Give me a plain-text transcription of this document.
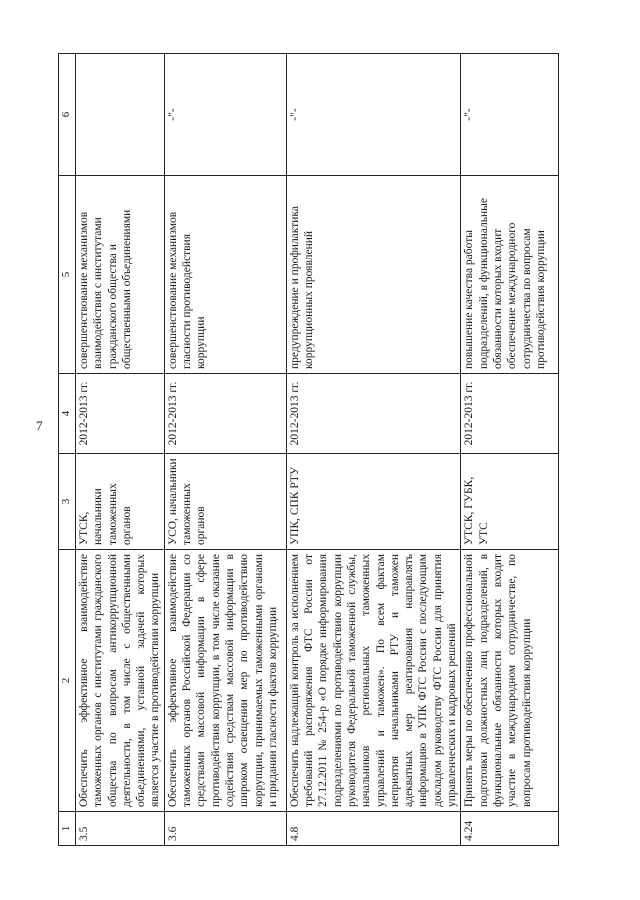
7
1	2	3	4	5	6
3.5	Обеспечить эффективное взаимодействие таможенных органов с институтами гражданского общества по вопросам антикоррупционной деятельности, в том числе с общественными объединениями, уставной задачей которых является участие в противодействии коррупции	УТСК, начальники таможенных органов	2012-2013 гг.	совершенствование механизмов взаимодействия с институтами гражданского общества и общественными объединениями	
3.6	Обеспечить эффективное взаимодействие таможенных органов Российской Федерации со средствами массовой информации в сфере противодействия коррупции, в том числе оказание содействия средствам массовой информации в широком освещении мер по противодействию коррупции, принимаемых таможенными органами и придании гласности фактов коррупции	УСО, начальники таможенных органов	2012-2013 гг.	совершенствование механизмов гласности противодействия коррупции	-"-
4.8	Обеспечить надлежащий контроль за исполнением требований распоряжения ФТС России от 27.12.2011 № 254-р «О порядке информирования подразделениями по противодействию коррупции руководителя Федеральной таможенной службы, начальников региональных таможенных управлений и таможен». По всем фактам неприятия начальниками РТУ и таможен адекватных мер реагирования направлять информацию в УПК ФТС России с последующим докладом руководству ФТС России для принятия управленческих и кадровых решений	УПК, СПК РТУ	2012-2013 гг.	предупреждение и профилактика коррупционных проявлений	-"-
4.24	Принять меры по обеспечению профессиональной подготовки должностных лиц подразделений, в функциональные обязанности которых входит участие в международном сотрудничестве, по вопросам противодействия коррупции	УТСК, ГУБК, УТС	2012-2013 гг.	повышение качества работы подразделений, в функциональные обязанности которых входит обеспечение международного сотрудничества по вопросам противодействия коррупции	-"-
